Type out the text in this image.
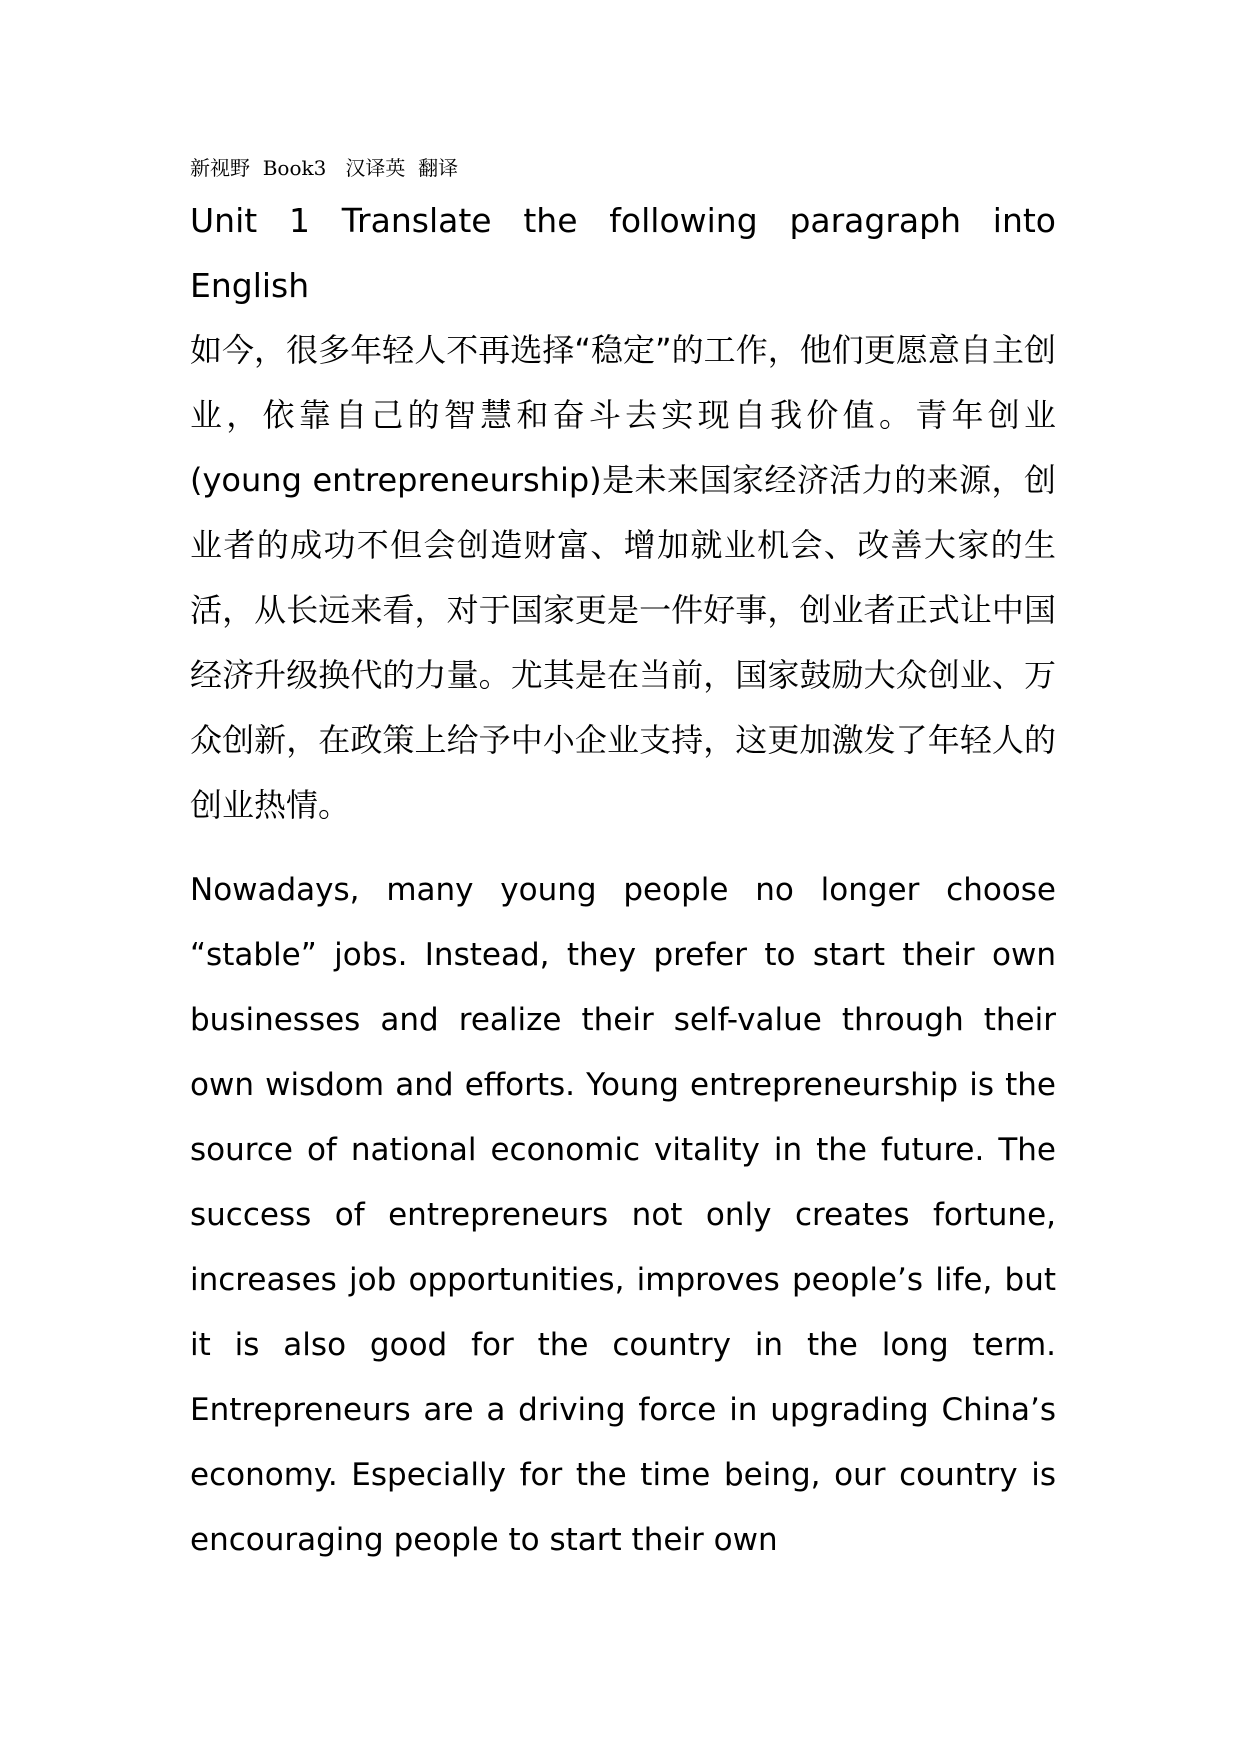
新视野  Book3   汉译英  翻译
Unit 1 Translate the following paragraph into English

如今，很多年轻人不再选择“稳定”的工作，他们更愿意自主创业，依靠自己的智慧和奋斗去实现自我价值。青年创业(young entrepreneurship)是未来国家经济活力的来源，创业者的成功不但会创造财富、增加就业机会、改善大家的生活，从长远来看，对于国家更是一件好事，创业者正式让中国经济升级换代的力量。尤其是在当前，国家鼓励大众创业、万众创新，在政策上给予中小企业支持，这更加激发了年轻人的创业热情。

Nowadays, many young people no longer choose “stable” jobs. Instead, they prefer to start their own businesses and realize their self-value through their own wisdom and efforts. Young entrepreneurship is the source of national economic vitality in the future. The success of entrepreneurs not only creates fortune, increases job opportunities, improves people’s life, but it is also good for the country in the long term. Entrepreneurs are a driving force in upgrading China’s economy. Especially for the time being, our country is encouraging people to start their own
